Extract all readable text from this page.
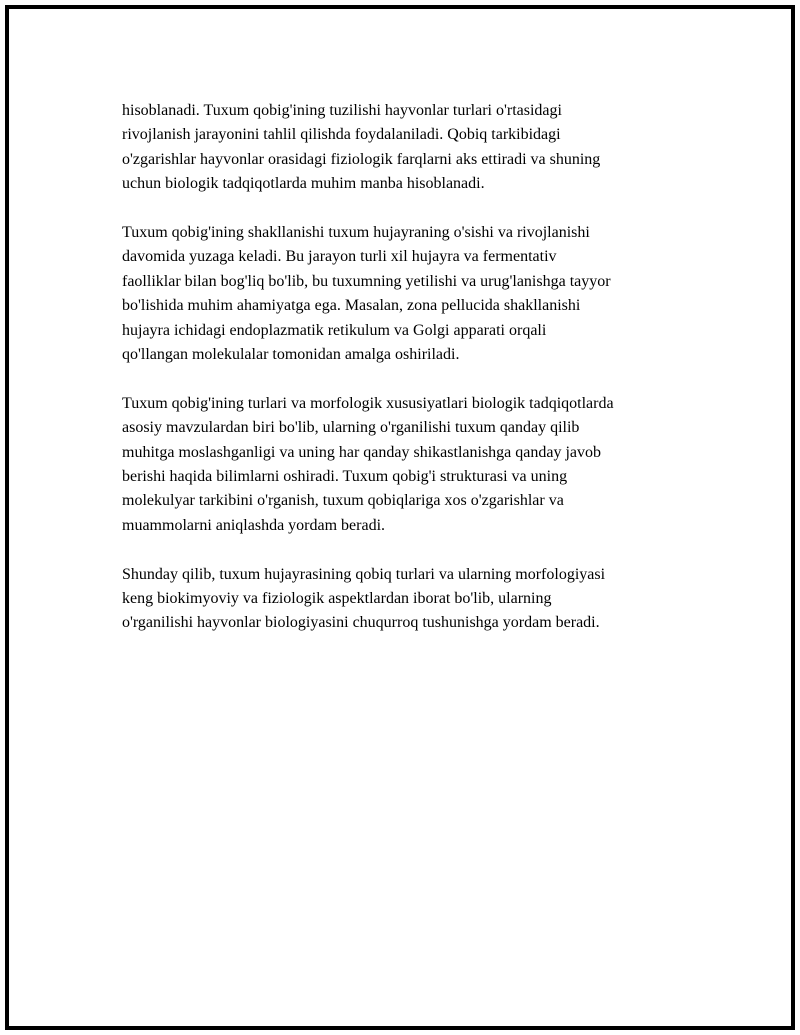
hisoblanadi. Tuxum qobig'ining tuzilishi hayvonlar turlari o'rtasidagi
rivojlanish jarayonini tahlil qilishda foydalaniladi. Qobiq tarkibidagi
o'zgarishlar hayvonlar orasidagi fiziologik farqlarni aks ettiradi va shuning
uchun biologik tadqiqotlarda muhim manba hisoblanadi.

Tuxum qobig'ining shakllanishi tuxum hujayraning o'sishi va rivojlanishi
davomida yuzaga keladi. Bu jarayon turli xil hujayra va fermentativ
faolliklar bilan bog'liq bo'lib, bu tuxumning yetilishi va urug'lanishga tayyor
bo'lishida muhim ahamiyatga ega. Masalan, zona pellucida shakllanishi
hujayra ichidagi endoplazmatik retikulum va Golgi apparati orqali
qo'llangan molekulalar tomonidan amalga oshiriladi.

Tuxum qobig'ining turlari va morfologik xususiyatlari biologik tadqiqotlarda
asosiy mavzulardan biri bo'lib, ularning o'rganilishi tuxum qanday qilib
muhitga moslashganligi va uning har qanday shikastlanishga qanday javob
berishi haqida bilimlarni oshiradi. Tuxum qobig'i strukturasi va uning
molekulyar tarkibini o'rganish, tuxum qobiqlariga xos o'zgarishlar va
muammolarni aniqlashda yordam beradi.

Shunday qilib, tuxum hujayrasining qobiq turlari va ularning morfologiyasi
keng biokimyoviy va fiziologik aspektlardan iborat bo'lib, ularning
o'rganilishi hayvonlar biologiyasini chuqurroq tushunishga yordam beradi.
